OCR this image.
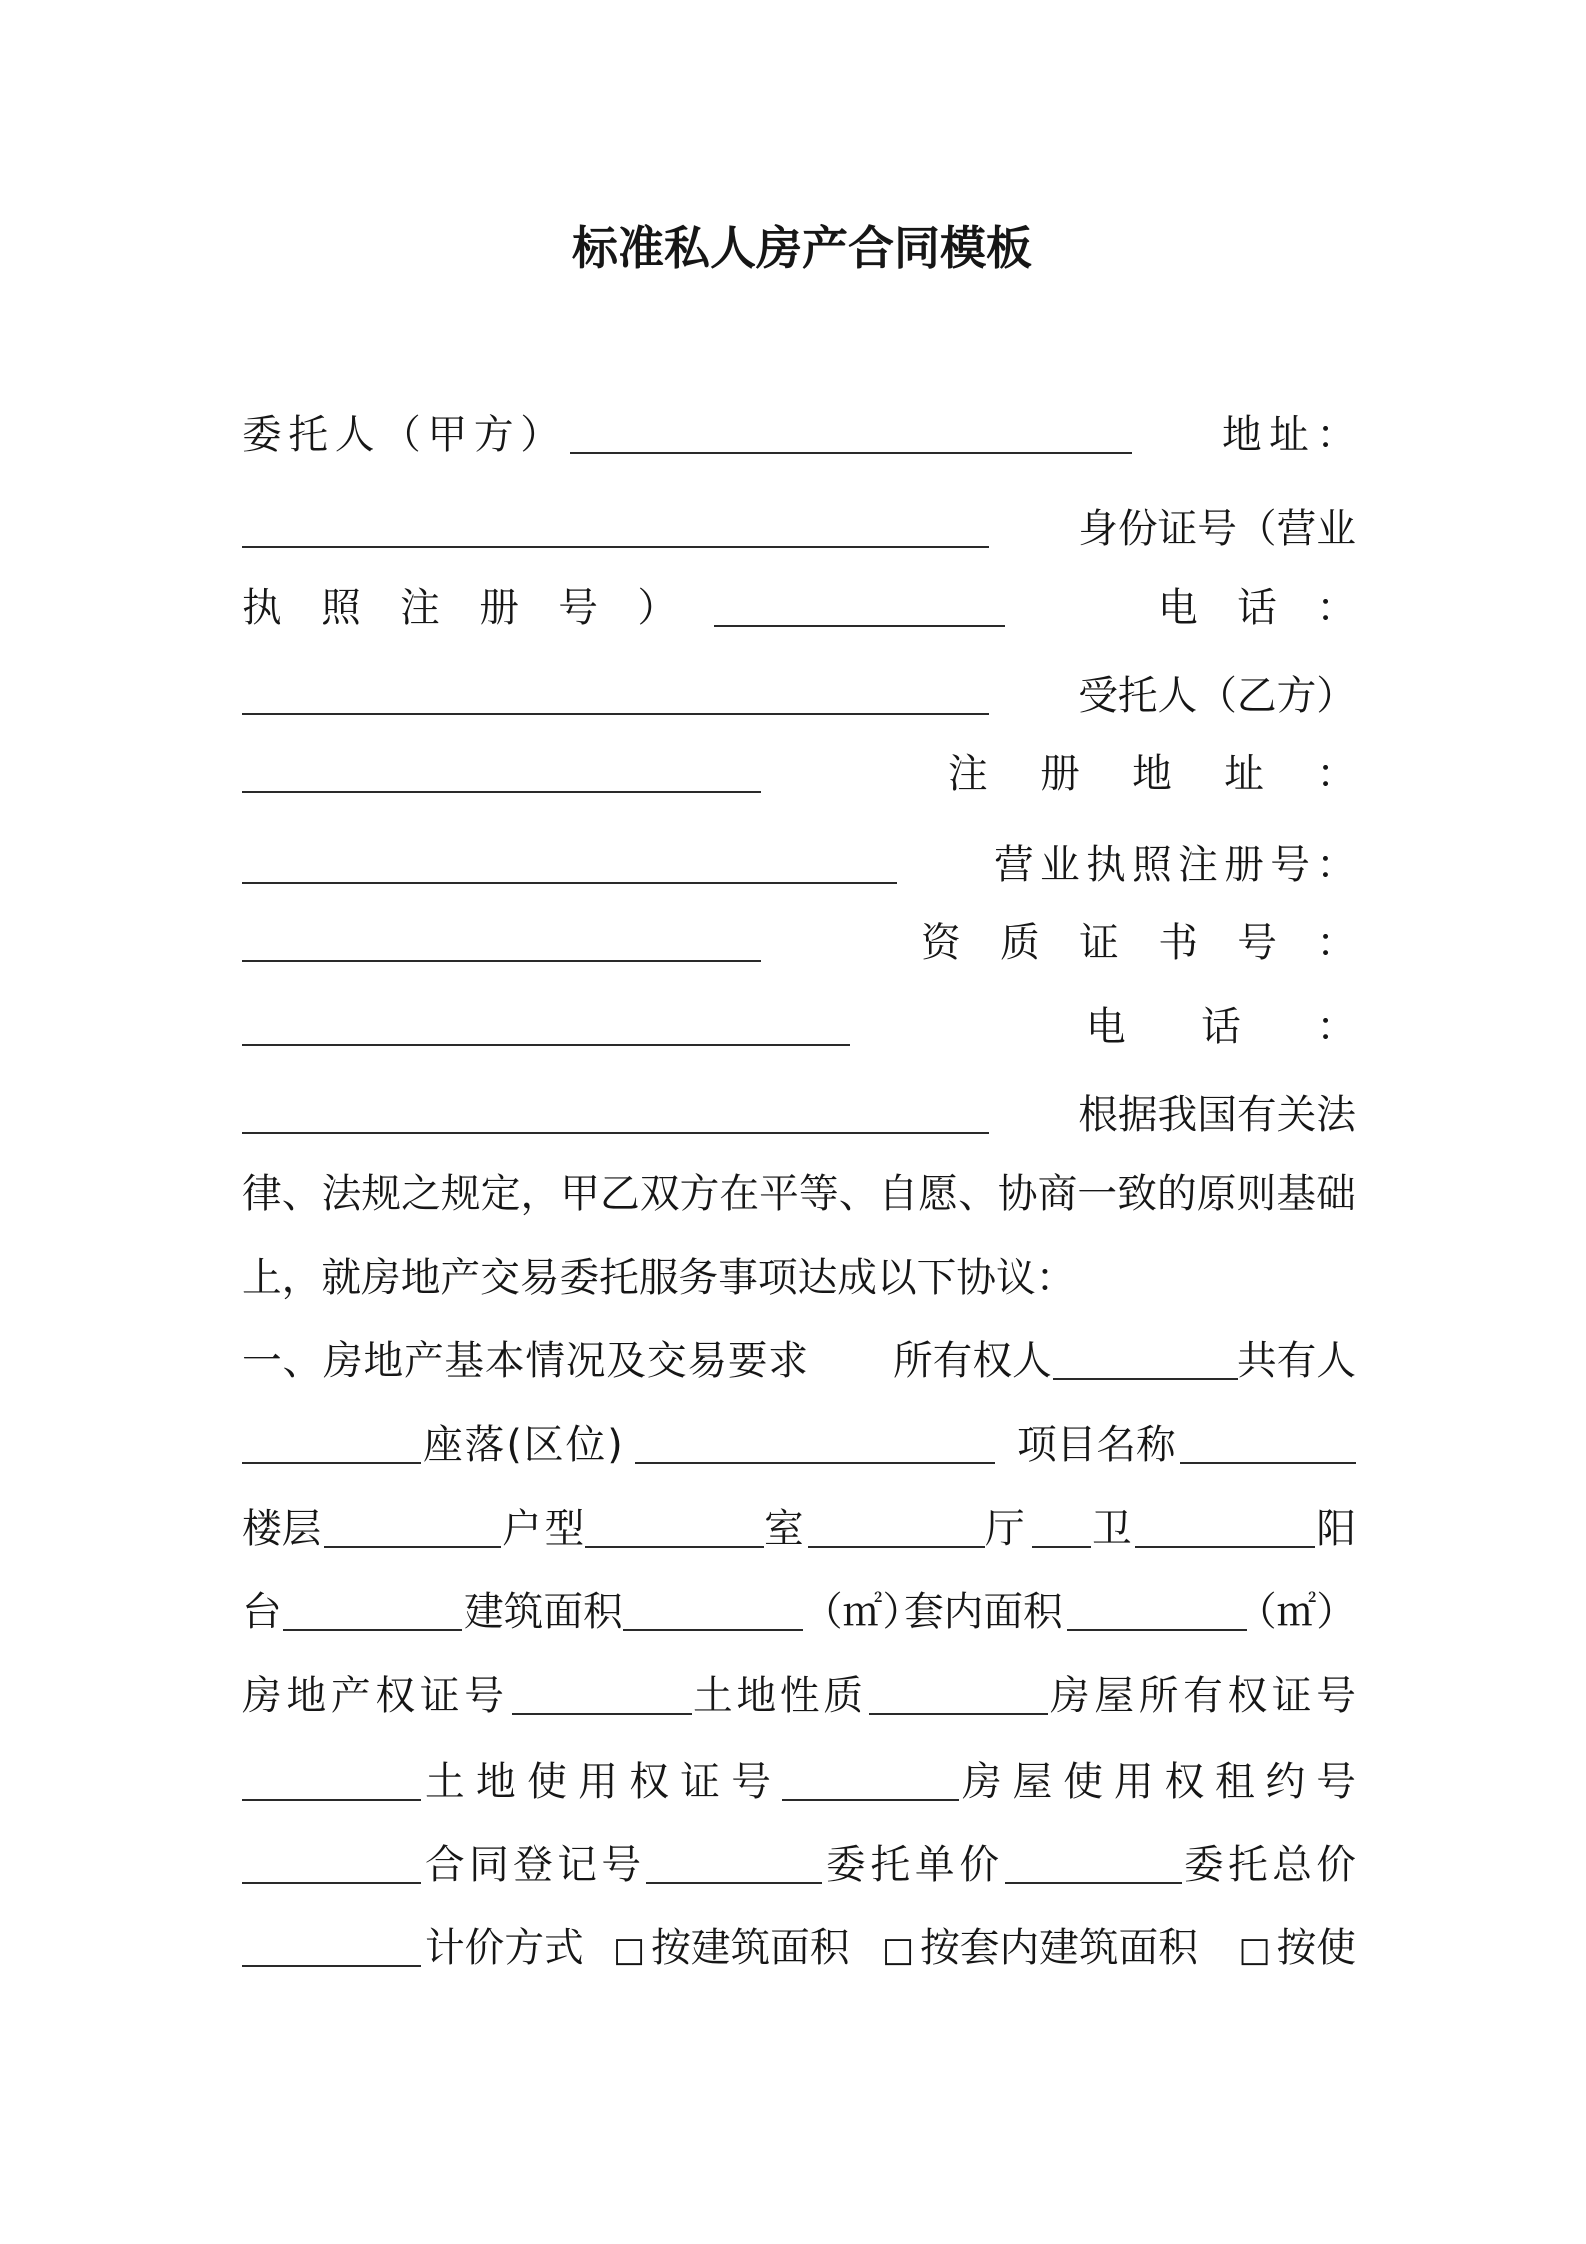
标准私人房产合同模板
委 托 人 （ 甲 方 ）	地 址 ：
身份证号（营业
执 照 注 册 号 ）	电 话 ：
受托人（乙方）
注 册 地 址 ：
营 业 执 照 注 册 号 ：
资 质 证 书 号 ：
电 话 ：
根据我国有关法
律 、 法 规 之 规 定 ， 甲 乙 双 方 在 平 等 、 自 愿 、 协 商 一 致 的 原 则 基 础
上，就房地产交易委托服务事项达成以下协议：
一 、 房 地 产 基 本 情 况 及 交 易 要 求 所有权人	共有人
座落(区位)	项目名称
楼层	户型	室	厅 卫	阳
台	建筑面积	（㎡）
套内面积	（㎡）
房 地 产 权 证 号	土 地 性 质	房 屋 所 有 权 证 号
土 地 使 用 权 证 号	房 屋 使 用 权 租 约 号
合 同 登 记 号	委 托 单 价	委 托 总 价
计价方式 □ 按建筑面积 □ 按套内建筑面积 □ 按使
